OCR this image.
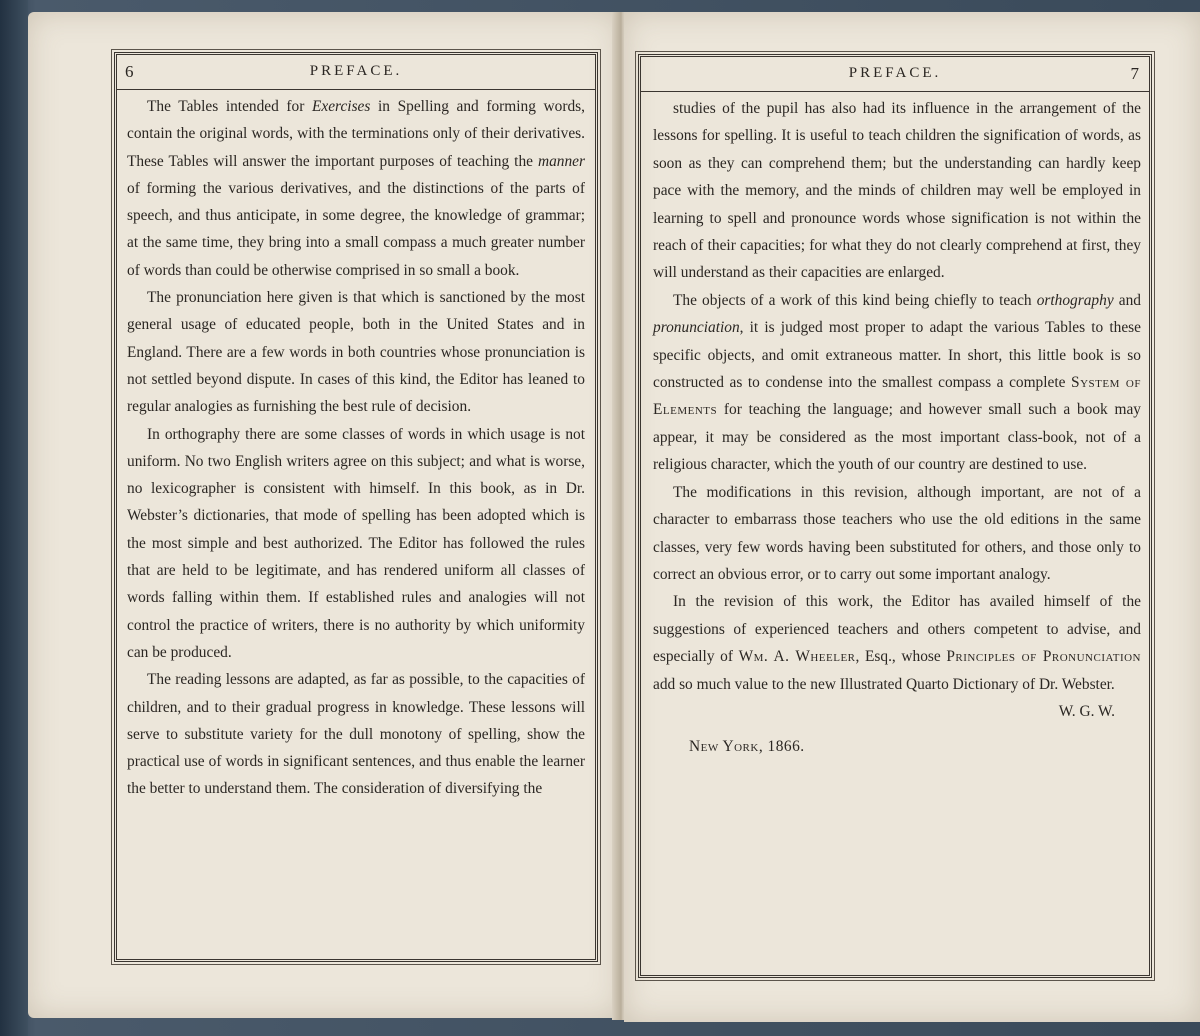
6	PREFACE.

The Tables intended for Exercises in Spelling and forming words, contain the original words, with the terminations only of their derivatives. These Tables will answer the important purposes of teaching the manner of forming the various derivatives, and the distinctions of the parts of speech, and thus anticipate, in some degree, the knowledge of grammar; at the same time, they bring into a small compass a much greater number of words than could be otherwise comprised in so small a book.

The pronunciation here given is that which is sanctioned by the most general usage of educated people, both in the United States and in England. There are a few words in both countries whose pronunciation is not settled beyond dispute. In cases of this kind, the Editor has leaned to regular analogies as furnishing the best rule of decision.

In orthography there are some classes of words in which usage is not uniform. No two English writers agree on this subject; and what is worse, no lexicographer is consistent with himself. In this book, as in Dr. Webster’s dictionaries, that mode of spelling has been adopted which is the most simple and best authorized. The Editor has followed the rules that are held to be legitimate, and has rendered uniform all classes of words falling within them. If established rules and analogies will not control the practice of writers, there is no authority by which uniformity can be produced.

The reading lessons are adapted, as far as possible, to the capacities of children, and to their gradual progress in knowledge. These lessons will serve to substitute variety for the dull monotony of spelling, show the practical use of words in significant sentences, and thus enable the learner the better to understand them. The consideration of diversifying the

PREFACE.	7

studies of the pupil has also had its influence in the arrangement of the lessons for spelling. It is useful to teach children the signification of words, as soon as they can comprehend them; but the understanding can hardly keep pace with the memory, and the minds of children may well be employed in learning to spell and pronounce words whose signification is not within the reach of their capacities; for what they do not clearly comprehend at first, they will understand as their capacities are enlarged.

The objects of a work of this kind being chiefly to teach orthography and pronunciation, it is judged most proper to adapt the various Tables to these specific objects, and omit extraneous matter. In short, this little book is so constructed as to condense into the smallest compass a complete System of Elements for teaching the language; and however small such a book may appear, it may be considered as the most important class-book, not of a religious character, which the youth of our country are destined to use.

The modifications in this revision, although important, are not of a character to embarrass those teachers who use the old editions in the same classes, very few words having been substituted for others, and those only to correct an obvious error, or to carry out some important analogy.

In the revision of this work, the Editor has availed himself of the suggestions of experienced teachers and others competent to advise, and especially of Wm. A. Wheeler, Esq., whose Principles of Pronunciation add so much value to the new Illustrated Quarto Dictionary of Dr. Webster.

W. G. W.
New York, 1866.
